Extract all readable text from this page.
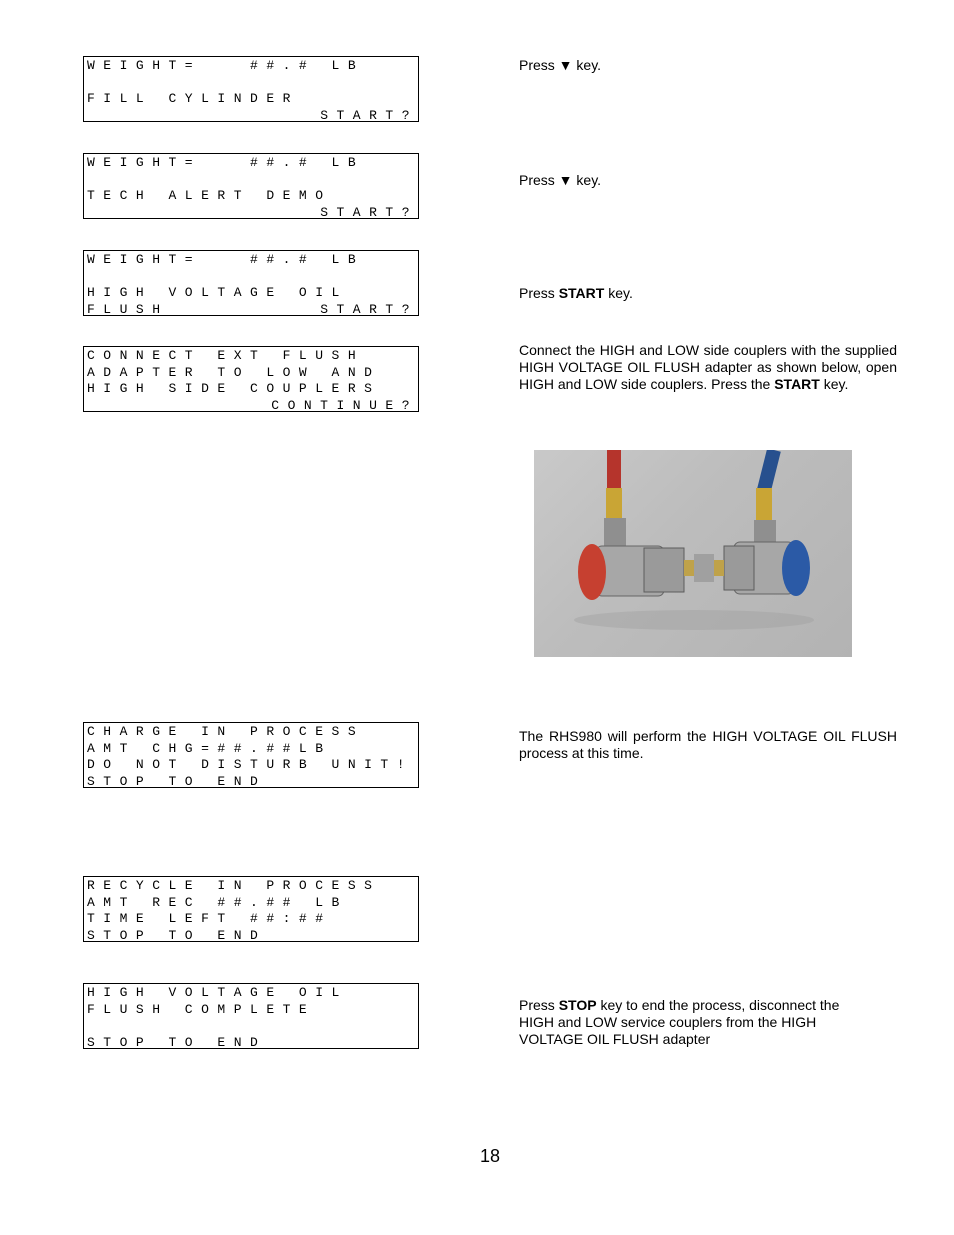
WEIGHT=   ##.# LB
FILL CYLINDER
START?
WEIGHT=   ##.# LB
TECH ALERT DEMO
START?
WEIGHT=   ##.# LB
HIGH VOLTAGE OIL
FLUSH	START?
CONNECT EXT FLUSH
ADAPTER TO LOW AND
HIGH SIDE COUPLERS
CONTINUE?
CHARGE IN PROCESS
AMT CHG=##.##LB
DO NOT DISTURB UNIT!
STOP TO END
RECYCLE IN PROCESS
AMT REC ##.## LB
TIME LEFT ##:##
STOP TO END
HIGH VOLTAGE OIL
FLUSH COMPLETE
STOP TO END
Press ▼ key.
Press ▼ key.
Press START key.
Connect the HIGH and LOW side couplers with the supplied HIGH VOLTAGE OIL FLUSH adapter as shown below, open HIGH and LOW side couplers. Press the START key.
The RHS980 will perform the HIGH VOLTAGE OIL FLUSH process at this time.
Press STOP key to end the process, disconnect the HIGH and LOW service couplers from the HIGH VOLTAGE OIL FLUSH adapter
18
